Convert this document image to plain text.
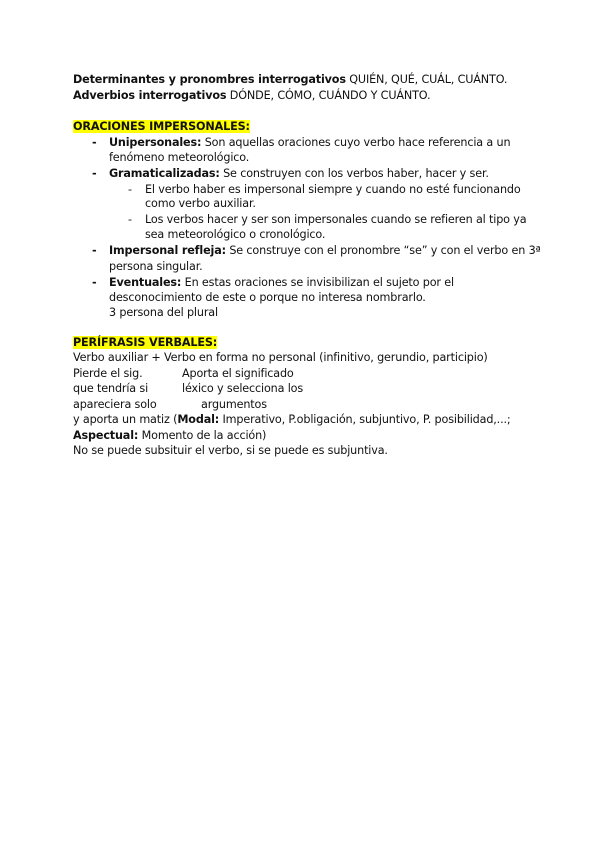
Determinantes y pronombres interrogativos QUIÉN, QUÉ, CUÁL, CUÁNTO.
Adverbios interrogativos DÓNDE, CÓMO, CUÁNDO Y CUÁNTO.
ORACIONES IMPERSONALES:
- Unipersonales: Son aquellas oraciones cuyo verbo hace referencia a un
fenómeno meteorológico.
- Gramaticalizadas: Se construyen con los verbos haber, hacer y ser.
- El verbo haber es impersonal siempre y cuando no esté funcionando
como verbo auxiliar.
- Los verbos hacer y ser son impersonales cuando se refieren al tipo ya
sea meteorológico o cronológico.
- Impersonal refleja: Se construye con el pronombre “se” y con el verbo en 3ª
persona singular.
- Eventuales: En estas oraciones se invisibilizan el sujeto por el
desconocimiento de este o porque no interesa nombrarlo.
3 persona del plural
PERÍFRASIS VERBALES:
Verbo auxiliar + Verbo en forma no personal (infinitivo, gerundio, participio)
Pierde el sig.	Aporta el significado
que tendría si	léxico y selecciona los
apareciera solo	argumentos
y aporta un matiz (Modal: Imperativo, P.obligación, subjuntivo, P. posibilidad,...;
Aspectual: Momento de la acción)
No se puede subsituir el verbo, si se puede es subjuntiva.
